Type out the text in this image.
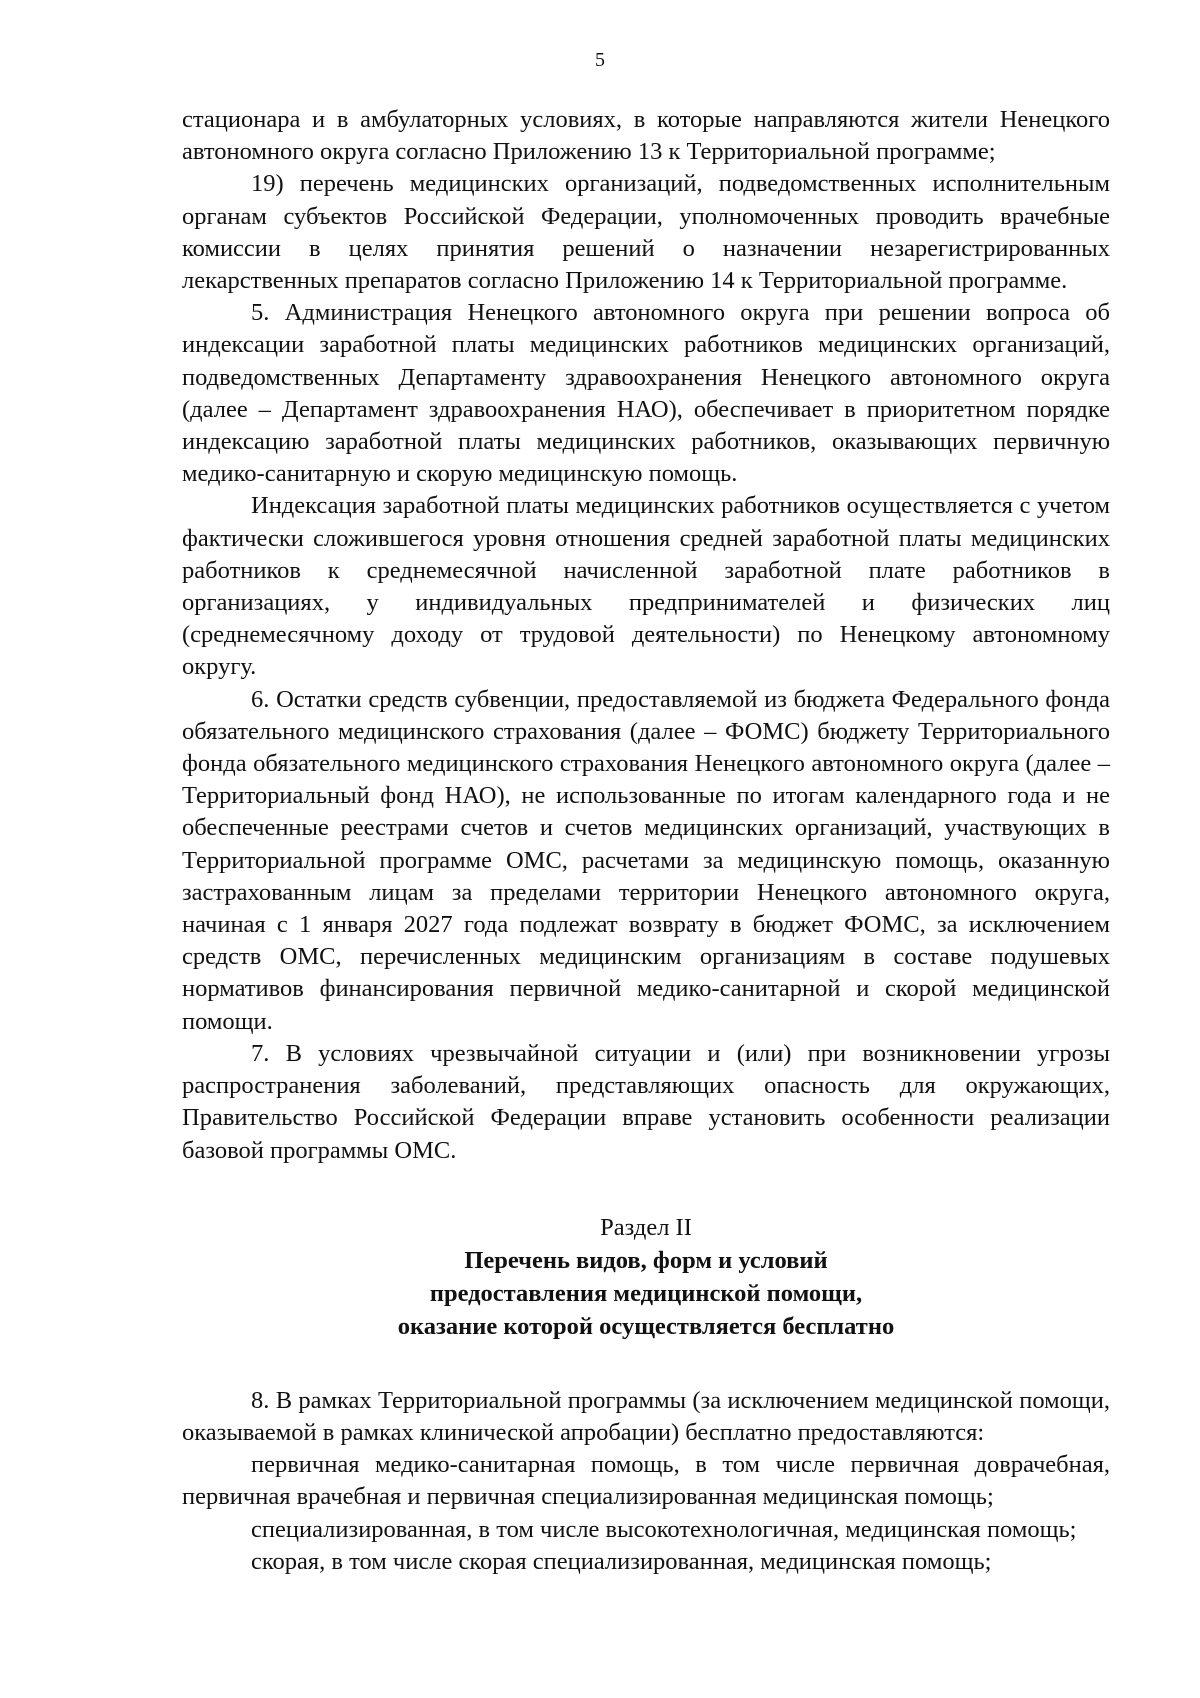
5

стационара и в амбулаторных условиях, в которые направляются жители Ненецкого автономного округа согласно Приложению 13 к Территориальной программе;

19) перечень медицинских организаций, подведомственных исполнительным органам субъектов Российской Федерации, уполномоченных проводить врачебные комиссии в целях принятия решений о назначении незарегистрированных лекарственных препаратов согласно Приложению 14 к Территориальной программе.

5. Администрация Ненецкого автономного округа при решении вопроса об индексации заработной платы медицинских работников медицинских организаций, подведомственных Департаменту здравоохранения Ненецкого автономного округа (далее – Департамент здравоохранения НАО), обеспечивает в приоритетном порядке индексацию заработной платы медицинских работников, оказывающих первичную медико-санитарную и скорую медицинскую помощь.

Индексация заработной платы медицинских работников осуществляется с учетом фактически сложившегося уровня отношения средней заработной платы медицинских работников к среднемесячной начисленной заработной плате работников в организациях, у индивидуальных предпринимателей и физических лиц (среднемесячному доходу от трудовой деятельности) по Ненецкому автономному округу.

6. Остатки средств субвенции, предоставляемой из бюджета Федерального фонда обязательного медицинского страхования (далее – ФОМС) бюджету Территориального фонда обязательного медицинского страхования Ненецкого автономного округа (далее – Территориальный фонд НАО), не использованные по итогам календарного года и не обеспеченные реестрами счетов и счетов медицинских организаций, участвующих в Территориальной программе ОМС, расчетами за медицинскую помощь, оказанную застрахованным лицам за пределами территории Ненецкого автономного округа, начиная с 1 января 2027 года подлежат возврату в бюджет ФОМС, за исключением средств ОМС, перечисленных медицинским организациям в составе подушевых нормативов финансирования первичной медико-санитарной и скорой медицинской помощи.

7. В условиях чрезвычайной ситуации и (или) при возникновении угрозы распространения заболеваний, представляющих опасность для окружающих, Правительство Российской Федерации вправе установить особенности реализации базовой программы ОМС.

Раздел II
Перечень видов, форм и условий
предоставления медицинской помощи,
оказание которой осуществляется бесплатно

8. В рамках Территориальной программы (за исключением медицинской помощи, оказываемой в рамках клинической апробации) бесплатно предоставляются:

первичная медико-санитарная помощь, в том числе первичная доврачебная, первичная врачебная и первичная специализированная медицинская помощь;

специализированная, в том числе высокотехнологичная, медицинская помощь;

скорая, в том числе скорая специализированная, медицинская помощь;
